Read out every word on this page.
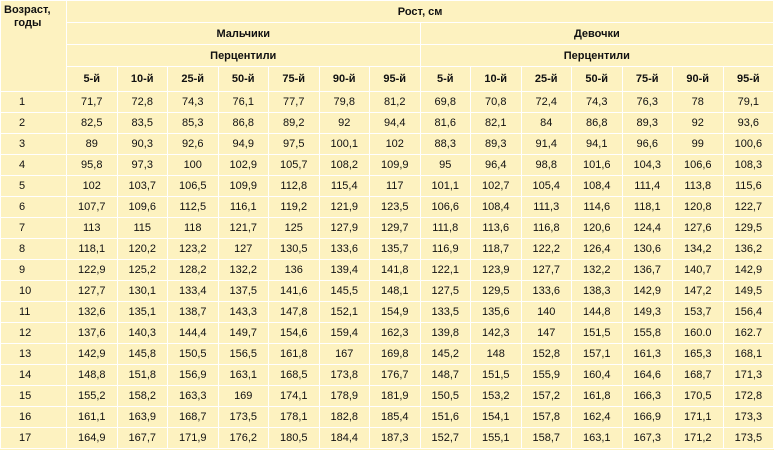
Возраст,
годы	Рост, см													
	Мальчики							Девочки						
	Перцентили							Перцентили						
	5-й	10-й	25-й	50-й	75-й	90-й	95-й	5-й	10-й	25-й	50-й	75-й	90-й	95-й
1	71,7	72,8	74,3	76,1	77,7	79,8	81,2	69,8	70,8	72,4	74,3	76,3	78	79,1
2	82,5	83,5	85,3	86,8	89,2	92	94,4	81,6	82,1	84	86,8	89,3	92	93,6
3	89	90,3	92,6	94,9	97,5	100,1	102	88,3	89,3	91,4	94,1	96,6	99	100,6
4	95,8	97,3	100	102,9	105,7	108,2	109,9	95	96,4	98,8	101,6	104,3	106,6	108,3
5	102	103,7	106,5	109,9	112,8	115,4	117	101,1	102,7	105,4	108,4	111,4	113,8	115,6
6	107,7	109,6	112,5	116,1	119,2	121,9	123,5	106,6	108,4	111,3	114,6	118,1	120,8	122,7
7	113	115	118	121,7	125	127,9	129,7	111,8	113,6	116,8	120,6	124,4	127,6	129,5
8	118,1	120,2	123,2	127	130,5	133,6	135,7	116,9	118,7	122,2	126,4	130,6	134,2	136,2
9	122,9	125,2	128,2	132,2	136	139,4	141,8	122,1	123,9	127,7	132,2	136,7	140,7	142,9
10	127,7	130,1	133,4	137,5	141,6	145,5	148,1	127,5	129,5	133,6	138,3	142,9	147,2	149,5
11	132,6	135,1	138,7	143,3	147,8	152,1	154,9	133,5	135,6	140	144,8	149,3	153,7	156,4
12	137,6	140,3	144,4	149,7	154,6	159,4	162,3	139,8	142,3	147	151,5	155,8	160.0	162.7
13	142,9	145,8	150,5	156,5	161,8	167	169,8	145,2	148	152,8	157,1	161,3	165,3	168,1
14	148,8	151,8	156,9	163,1	168,5	173,8	176,7	148,7	151,5	155,9	160,4	164,6	168,7	171,3
15	155,2	158,2	163,3	169	174,1	178,9	181,9	150,5	153,2	157,2	161,8	166,3	170,5	172,8
16	161,1	163,9	168,7	173,5	178,1	182,8	185,4	151,6	154,1	157,8	162,4	166,9	171,1	173,3
17	164,9	167,7	171,9	176,2	180,5	184,4	187,3	152,7	155,1	158,7	163,1	167,3	171,2	173,5
